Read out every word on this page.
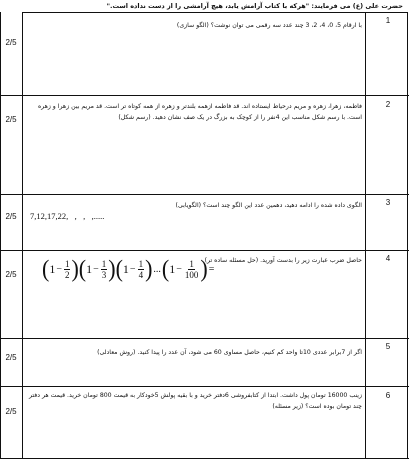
حضرت علی (ع) می فرمایند: "هرکه با کتاب آرامش یابد، هیچ آرامشی را از دست نداده است."
1
2/5
با ارقام 5، 0، 4، 2، 3 چند عدد سه رقمی می توان نوشت؟ (الگو سازی)
2
2/5
فاطمه، زهرا، زهره و مریم درحیاط ایستاده اند. قد فاطمه ازهمه بلندتر و زهره از همه کوتاه تر است. قد مریم بین زهرا و زهره است. با رسم شکل مناسب این 4نفر را از کوچک به بزرگ در یک صف نشان دهید. (رسم شکل)
3
2/5
الگوی داده شده را ادامه دهید، دهمین عدد این الگو چند است؟ (الگویابی)
7,12,17,22,   ,   ,   ,.....
4
2/5
حاصل ضرب عبارت زیر را بدست آورید. (حل مسئله ساده تر)
5
2/5
اگر از 7برابر عددی 10تا واحد کم کنیم، حاصل مساوی 60 می شود، آن عدد را پیدا کنید. (روش معادلی)
6
2/5
زینب 16000 تومان پول داشت. ابتدا از کتابفروشی 6دفتر خرید و با بقیه پولش 5خودکار به قیمت 800 تومان خرید. قیمت هر دفتر چند تومان بوده است؟ (زیر مسئله)
( $1 - \frac{1}{2}$ ) ( $1 - \frac{1}{3}$ ) ( $1 - \frac{1}{4}$ ) ... ( $1 - \frac{1}{100}$ ) =
